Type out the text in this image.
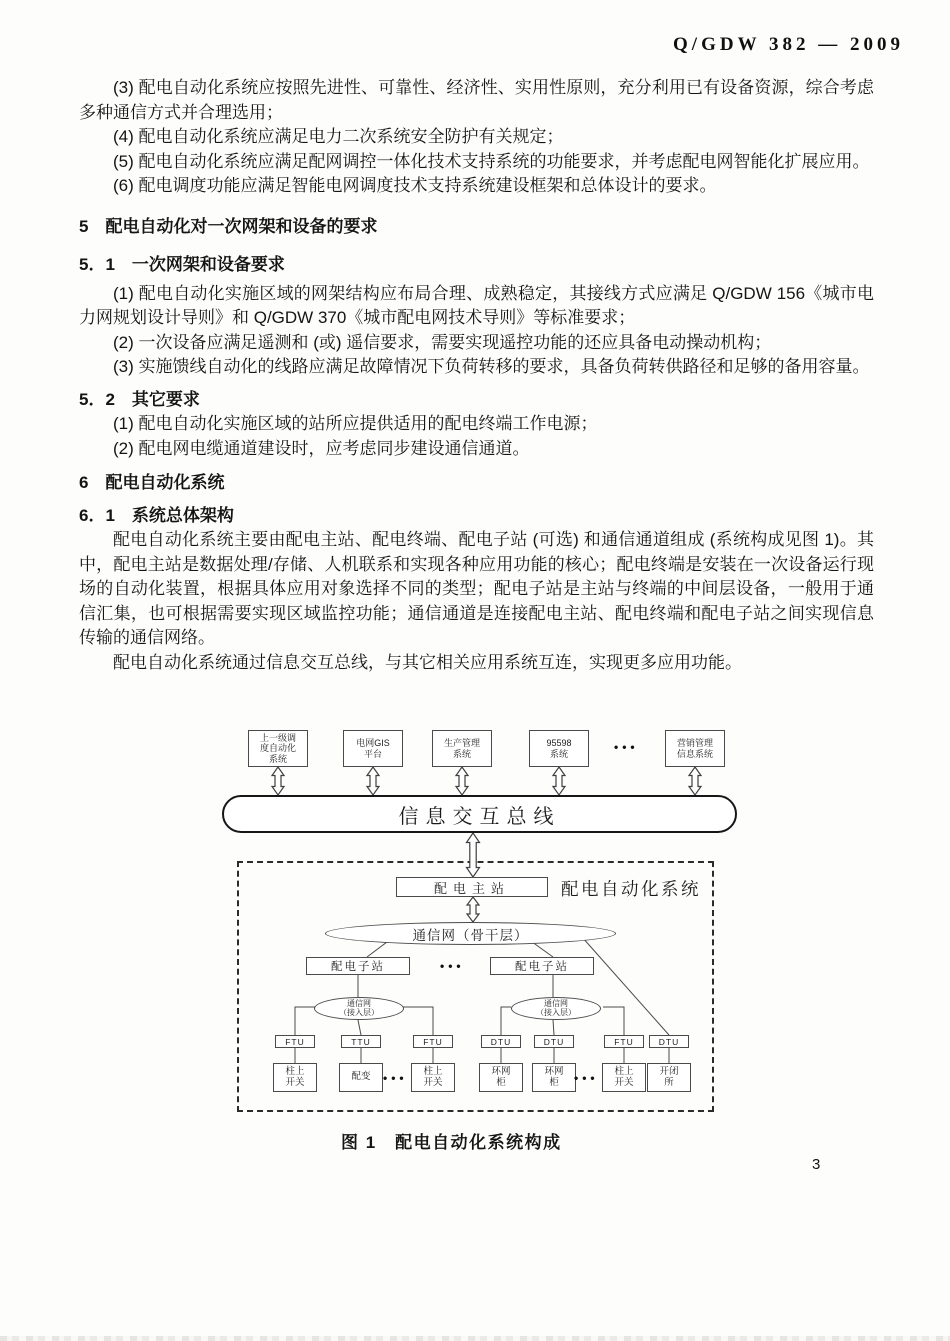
Q/GDW 382 — 2009

(3) 配电自动化系统应按照先进性、可靠性、经济性、实用性原则，充分利用已有设备资源，综合考虑多种通信方式并合理选用；

(4) 配电自动化系统应满足电力二次系统安全防护有关规定；

(5) 配电自动化系统应满足配网调控一体化技术支持系统的功能要求，并考虑配电网智能化扩展应用。

(6) 配电调度功能应满足智能电网调度技术支持系统建设框架和总体设计的要求。

5　配电自动化对一次网架和设备的要求
5．1　一次网架和设备要求

(1) 配电自动化实施区域的网架结构应布局合理、成熟稳定，其接线方式应满足 Q/GDW 156《城市电力网规划设计导则》和 Q/GDW 370《城市配电网技术导则》等标准要求；

(2) 一次设备应满足遥测和 (或) 遥信要求，需要实现遥控功能的还应具备电动操动机构；

(3) 实施馈线自动化的线路应满足故障情况下负荷转移的要求，具备负荷转供路径和足够的备用容量。

5．2　其它要求

(1) 配电自动化实施区域的站所应提供适用的配电终端工作电源；

(2) 配电网电缆通道建设时，应考虑同步建设通信通道。

6　配电自动化系统
6．1　系统总体架构

配电自动化系统主要由配电主站、配电终端、配电子站 (可选) 和通信通道组成 (系统构成见图 1)。其中，配电主站是数据处理/存储、人机联系和实现各种应用功能的核心；配电终端是安装在一次设备运行现场的自动化装置，根据具体应用对象选择不同的类型；配电子站是主站与终端的中间层设备，一般用于通信汇集，也可根据需要实现区域监控功能；通信通道是连接配电主站、配电终端和配电子站之间实现信息传输的通信网络。

配电自动化系统通过信息交互总线，与其它相关应用系统互连，实现更多应用功能。

上一级调
度自动化
系统
电网GIS
平台
生产管理
系统
95598
系统	•••	营销管理
信息系统
信息交互总线
配电主站	配电自动化系统
通信网（骨干层）
配电子站	•••	配电子站
通信网
（接入层）
通信网
（接入层）
FTU	TTU	FTU	DTU	DTU	FTU	DTU
柱上
开关	配变 ••• 柱上
开关
环网
柜
环网
柜 ••• 柱上
开关
开闭
所
图 1　配电自动化系统构成
3
